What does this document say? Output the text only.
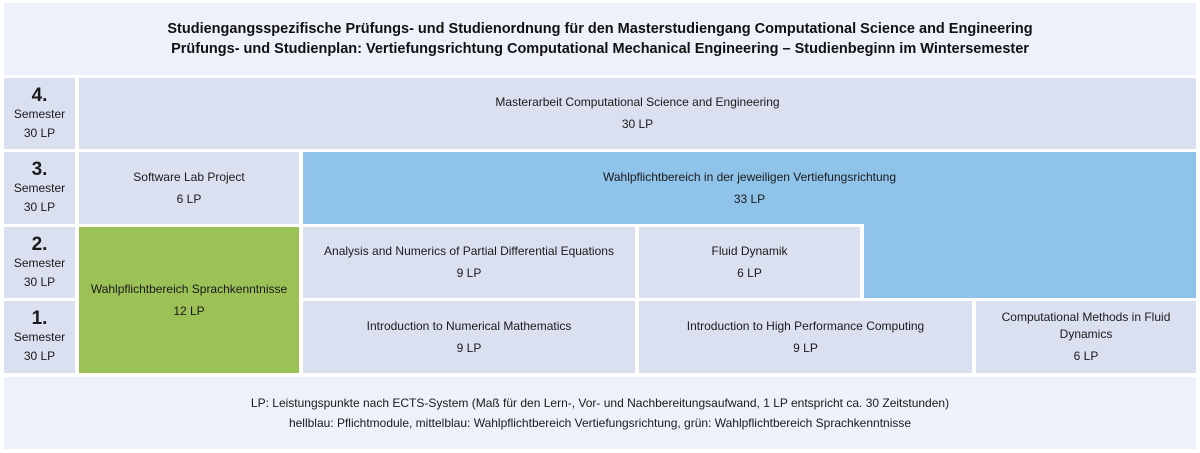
Studiengangsspezifische Prüfungs- und Studienordnung für den Masterstudiengang Computational Science and Engineering
Prüfungs- und Studienplan: Vertiefungsrichtung Computational Mechanical Engineering – Studienbeginn im Wintersemester
4.
Semester
30 LP
3.
Semester
30 LP
2.
Semester
30 LP
1.
Semester
30 LP
Masterarbeit Computational Science and Engineering
30 LP
Software Lab Project
6 LP
Wahlpflichtbereich in der jeweiligen Vertiefungsrichtung
33 LP
Wahlpflichtbereich Sprachkenntnisse
12 LP
Analysis and Numerics of Partial Differential Equations
9 LP
Fluid Dynamik
6 LP
Introduction to Numerical Mathematics
9 LP
Introduction to High Performance Computing
9 LP
Computational Methods in Fluid Dynamics
6 LP
LP: Leistungspunkte nach ECTS-System (Maß für den Lern-, Vor- und Nachbereitungsaufwand, 1 LP entspricht ca. 30 Zeitstunden)
hellblau: Pflichtmodule, mittelblau: Wahlpflichtbereich Vertiefungsrichtung, grün: Wahlpflichtbereich Sprachkenntnisse
